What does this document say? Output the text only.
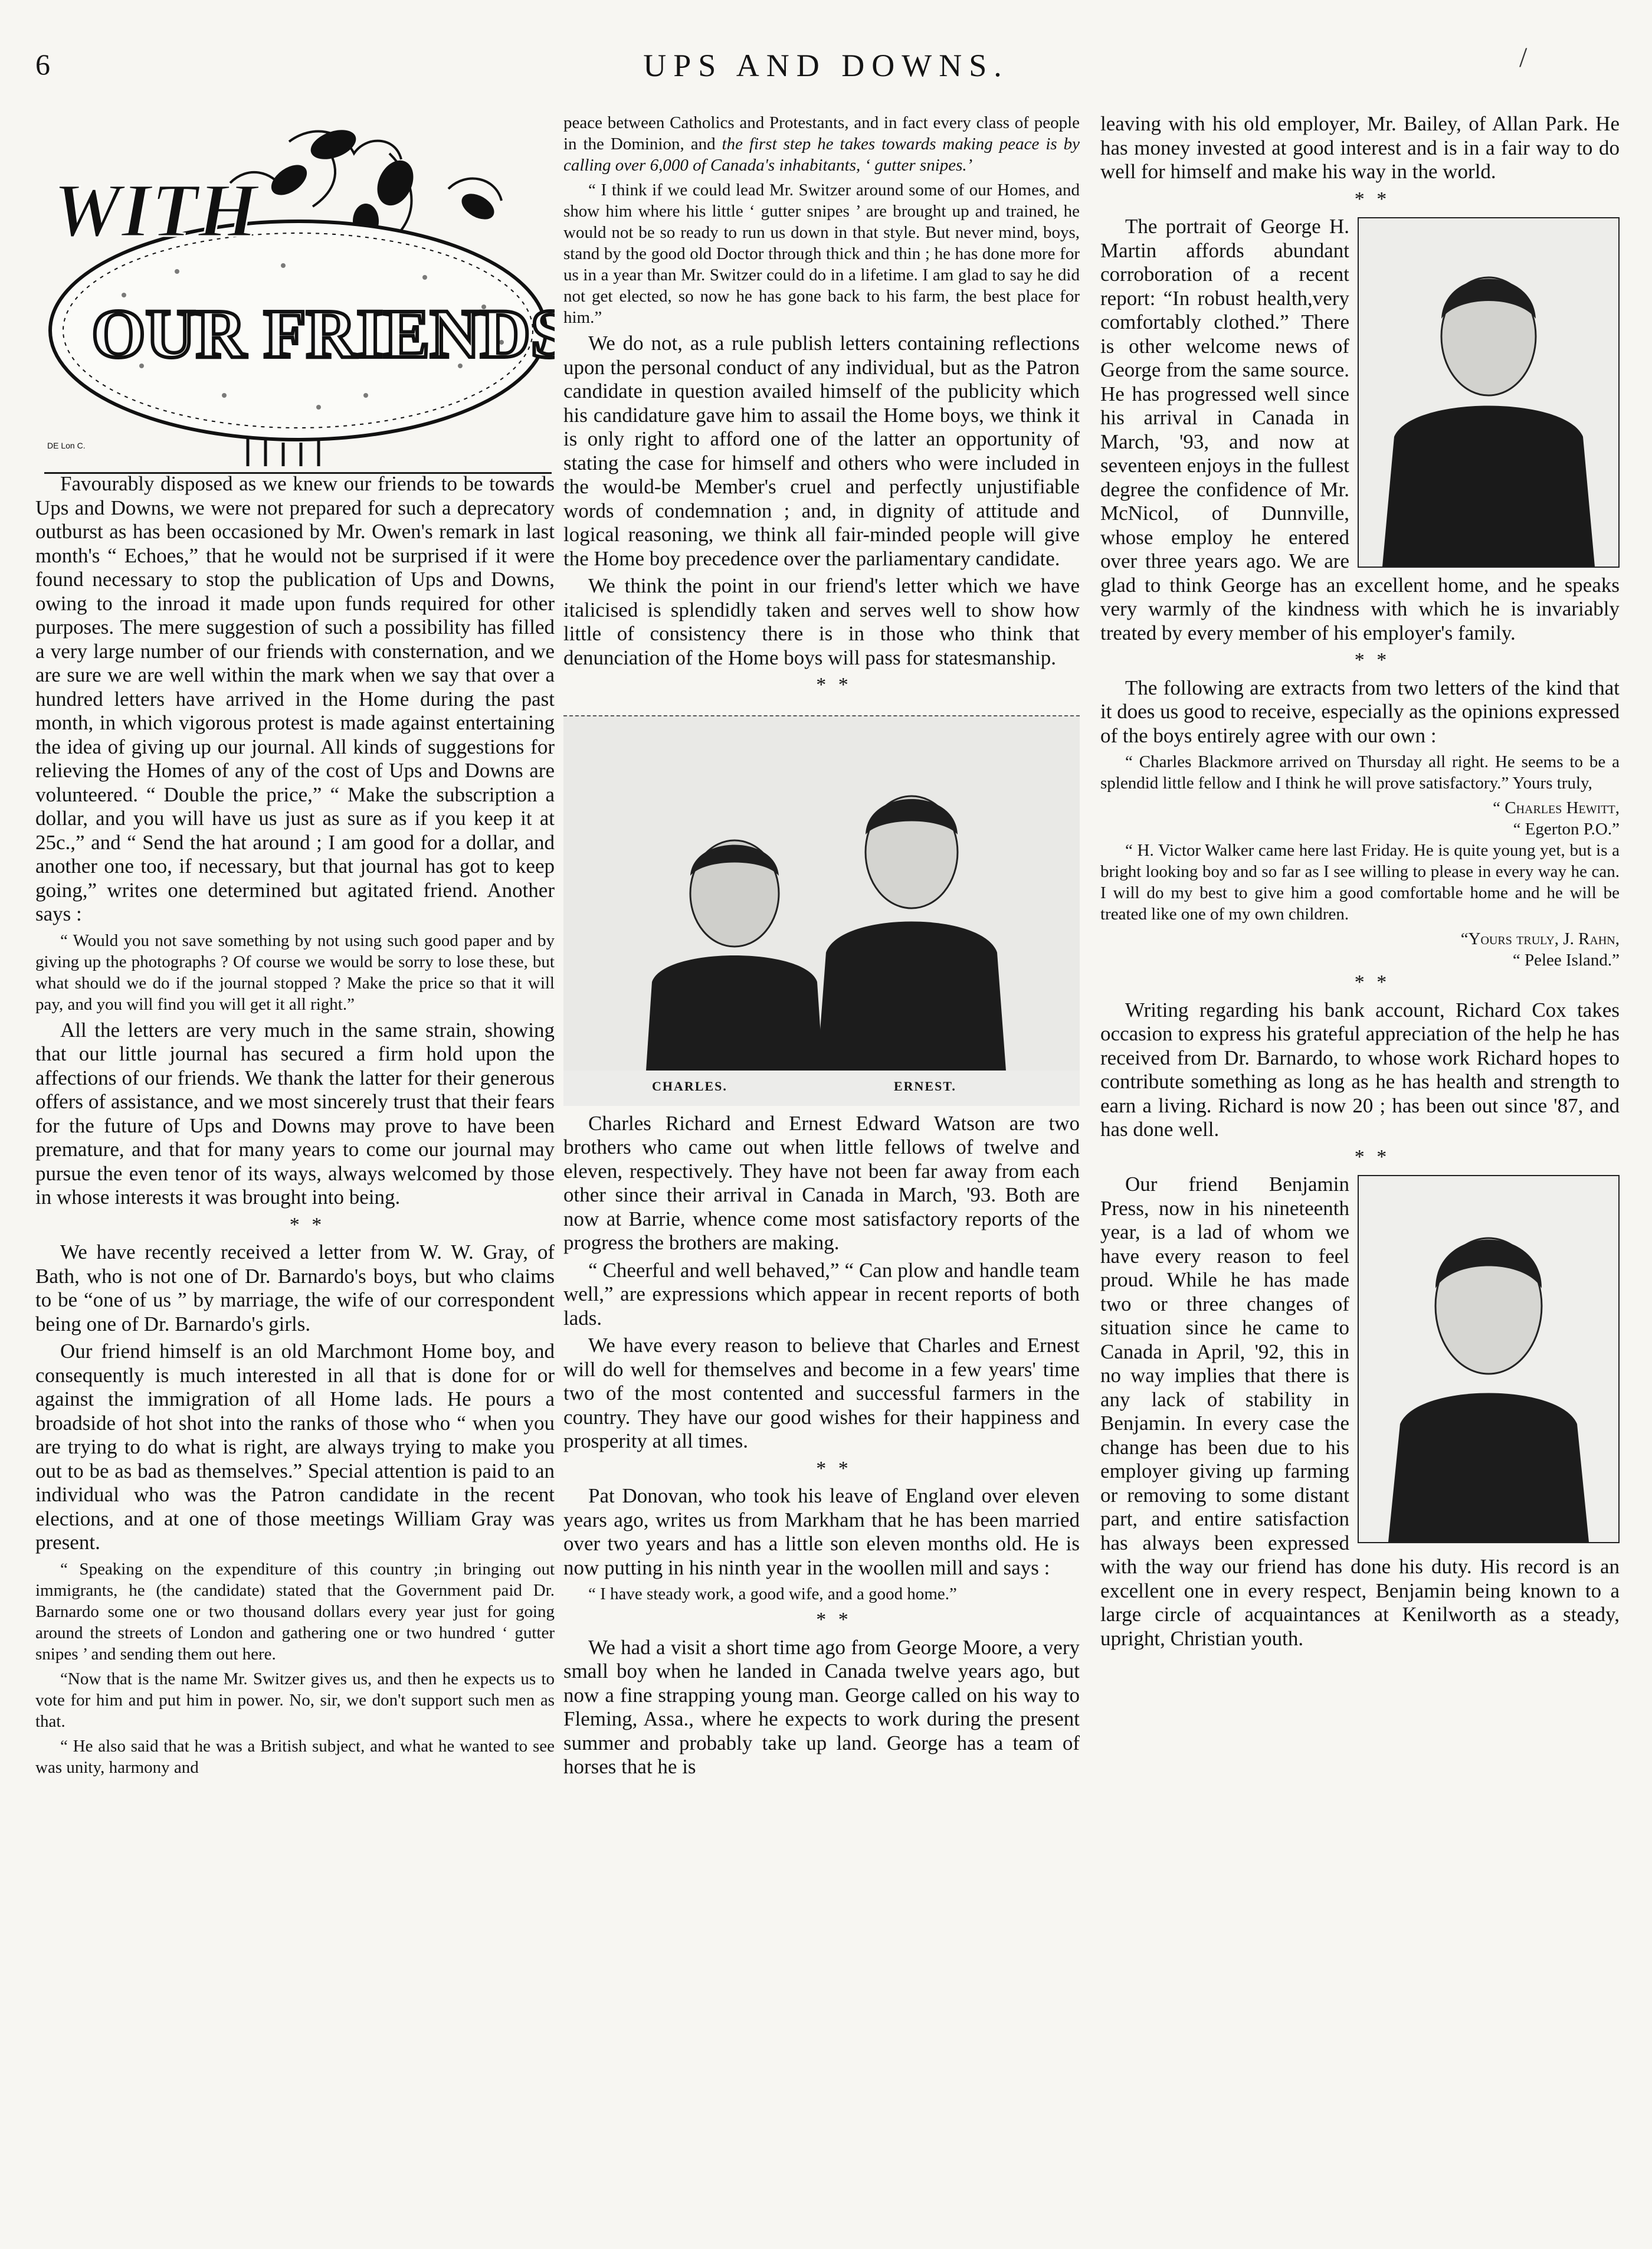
6	UPS AND DOWNS.	/
WITH
OUR FRIENDS
DE Lon C.

Favourably disposed as we knew our friends to be towards Ups and Downs, we were not prepared for such a deprecatory outburst as has been occasioned by Mr. Owen's remark in last month's “ Echoes,” that he would not be surprised if it were found necessary to stop the publication of Ups and Downs, owing to the inroad it made upon funds required for other purposes. The mere suggestion of such a possibility has filled a very large number of our friends with consternation, and we are sure we are well within the mark when we say that over a hundred letters have arrived in the Home during the past month, in which vigorous protest is made against entertaining the idea of giving up our journal. All kinds of suggestions for relieving the Homes of any of the cost of Ups and Downs are volunteered. “ Double the price,” “ Make the subscription a dollar, and you will have us just as sure as if you keep it at 25c.,” and “ Send the hat around ; I am good for a dollar, and another one too, if necessary, but that journal has got to keep going,” writes one determined but agitated friend. Another says :

“ Would you not save something by not using such good paper and by giving up the photographs ? Of course we would be sorry to lose these, but what should we do if the journal stopped ? Make the price so that it will pay, and you will find you will get it all right.”

All the letters are very much in the same strain, showing that our little journal has secured a firm hold upon the affections of our friends. We thank the latter for their generous offers of assistance, and we most sincerely trust that their fears for the future of Ups and Downs may prove to have been premature, and that for many years to come our journal may pursue the even tenor of its ways, always welcomed by those in whose interests it was brought into being.

* *

We have recently received a letter from W. W. Gray, of Bath, who is not one of Dr. Barnardo's boys, but who claims to be “one of us ” by marriage, the wife of our correspondent being one of Dr. Barnardo's girls.

Our friend himself is an old Marchmont Home boy, and consequently is much interested in all that is done for or against the immigration of all Home lads. He pours a broadside of hot shot into the ranks of those who “ when you are trying to do what is right, are always trying to make you out to be as bad as themselves.” Special attention is paid to an individual who was the Patron candidate in the recent elections, and at one of those meetings William Gray was present.

“ Speaking on the expenditure of this country ;in bringing out immigrants, he (the candidate) stated that the Government paid Dr. Barnardo some one or two thousand dollars every year just for going around the streets of London and gathering one or two hundred ‘ gutter snipes ’ and sending them out here.

“Now that is the name Mr. Switzer gives us, and then he expects us to vote for him and put him in power. No, sir, we don't support such men as that.

“ He also said that he was a British subject, and what he wanted to see was unity, harmony and

peace between Catholics and Protestants, and in fact every class of people in the Dominion, and the first step he takes towards making peace is by calling over 6,000 of Canada's inhabitants, ‘ gutter snipes.’

“ I think if we could lead Mr. Switzer around some of our Homes, and show him where his little ‘ gutter snipes ’ are brought up and trained, he would not be so ready to run us down in that style. But never mind, boys, stand by the good old Doctor through thick and thin ; he has done more for us in a year than Mr. Switzer could do in a lifetime. I am glad to say he did not get elected, so now he has gone back to his farm, the best place for him.”

We do not, as a rule publish letters containing reflections upon the personal conduct of any individual, but as the Patron candidate in question availed himself of the publicity which his candidature gave him to assail the Home boys, we think it is only right to afford one of the latter an opportunity of stating the case for himself and others who were included in the would-be Member's cruel and perfectly unjustifiable words of condemnation ; and, in dignity of attitude and logical reasoning, we think all fair-minded people will give the Home boy precedence over the parliamentary candidate.

We think the point in our friend's letter which we have italicised is splendidly taken and serves well to show how little of consistency there is in those who think that denunciation of the Home boys will pass for statesmanship.

* *

CHARLES.	ERNEST.

Charles Richard and Ernest Edward Watson are two brothers who came out when little fellows of twelve and eleven, respectively. They have not been far away from each other since their arrival in Canada in March, '93. Both are now at Barrie, whence come most satisfactory reports of the progress the brothers are making.

“ Cheerful and well behaved,” “ Can plow and handle team well,” are expressions which appear in recent reports of both lads.

We have every reason to believe that Charles and Ernest will do well for themselves and become in a few years' time two of the most contented and successful farmers in the country. They have our good wishes for their happiness and prosperity at all times.

* *

Pat Donovan, who took his leave of England over eleven years ago, writes us from Markham that he has been married over two years and has a little son eleven months old. He is now putting in his ninth year in the woollen mill and says :

“ I have steady work, a good wife, and a good home.”

* *

We had a visit a short time ago from George Moore, a very small boy when he landed in Canada twelve years ago, but now a fine strapping young man. George called on his way to Fleming, Assa., where he expects to work during the present summer and probably take up land. George has a team of horses that he is

leaving with his old employer, Mr. Bailey, of Allan Park. He has money invested at good interest and is in a fair way to do well for himself and make his way in the world.

* *

The portrait of George H. Martin affords abundant corroboration of a recent report: “In robust health,very comfortably clothed.” There is other welcome news of George from the same source. He has progressed well since his arrival in Canada in March, '93, and now at seventeen enjoys in the fullest degree the confidence of Mr. McNicol, of Dunnville, whose employ he entered over three years ago. We are glad to think George has an excellent home, and he speaks very warmly of the kindness with which he is invariably treated by every member of his employer's family.

* *

The following are extracts from two letters of the kind that it does us good to receive, especially as the opinions expressed of the boys entirely agree with our own :

“ Charles Blackmore arrived on Thursday all right. He seems to be a splendid little fellow and I think he will prove satisfactory.” Yours truly,

“ Charles Hewitt,

“ Egerton P.O.”

“ H. Victor Walker came here last Friday. He is quite young yet, but is a bright looking boy and so far as I see willing to please in every way he can. I will do my best to give him a good comfortable home and he will be treated like one of my own children.

“Yours truly, J. Rahn,

“ Pelee Island.”

* *

Writing regarding his bank account, Richard Cox takes occasion to express his grateful appreciation of the help he has received from Dr. Barnardo, to whose work Richard hopes to contribute something as long as he has health and strength to earn a living. Richard is now 20 ; has been out since '87, and has done well.

* *

Our friend Benjamin Press, now in his nineteenth year, is a lad of whom we have every reason to feel proud. While he has made two or three changes of situation since he came to Canada in April, '92, this in no way implies that there is any lack of stability in Benjamin. In every case the change has been due to his employer giving up farming or removing to some distant part, and entire satisfaction has always been expressed with the way our friend has done his duty. His record is an excellent one in every respect, Benjamin being known to a large circle of acquaintances at Kenilworth as a steady, upright, Christian youth.
